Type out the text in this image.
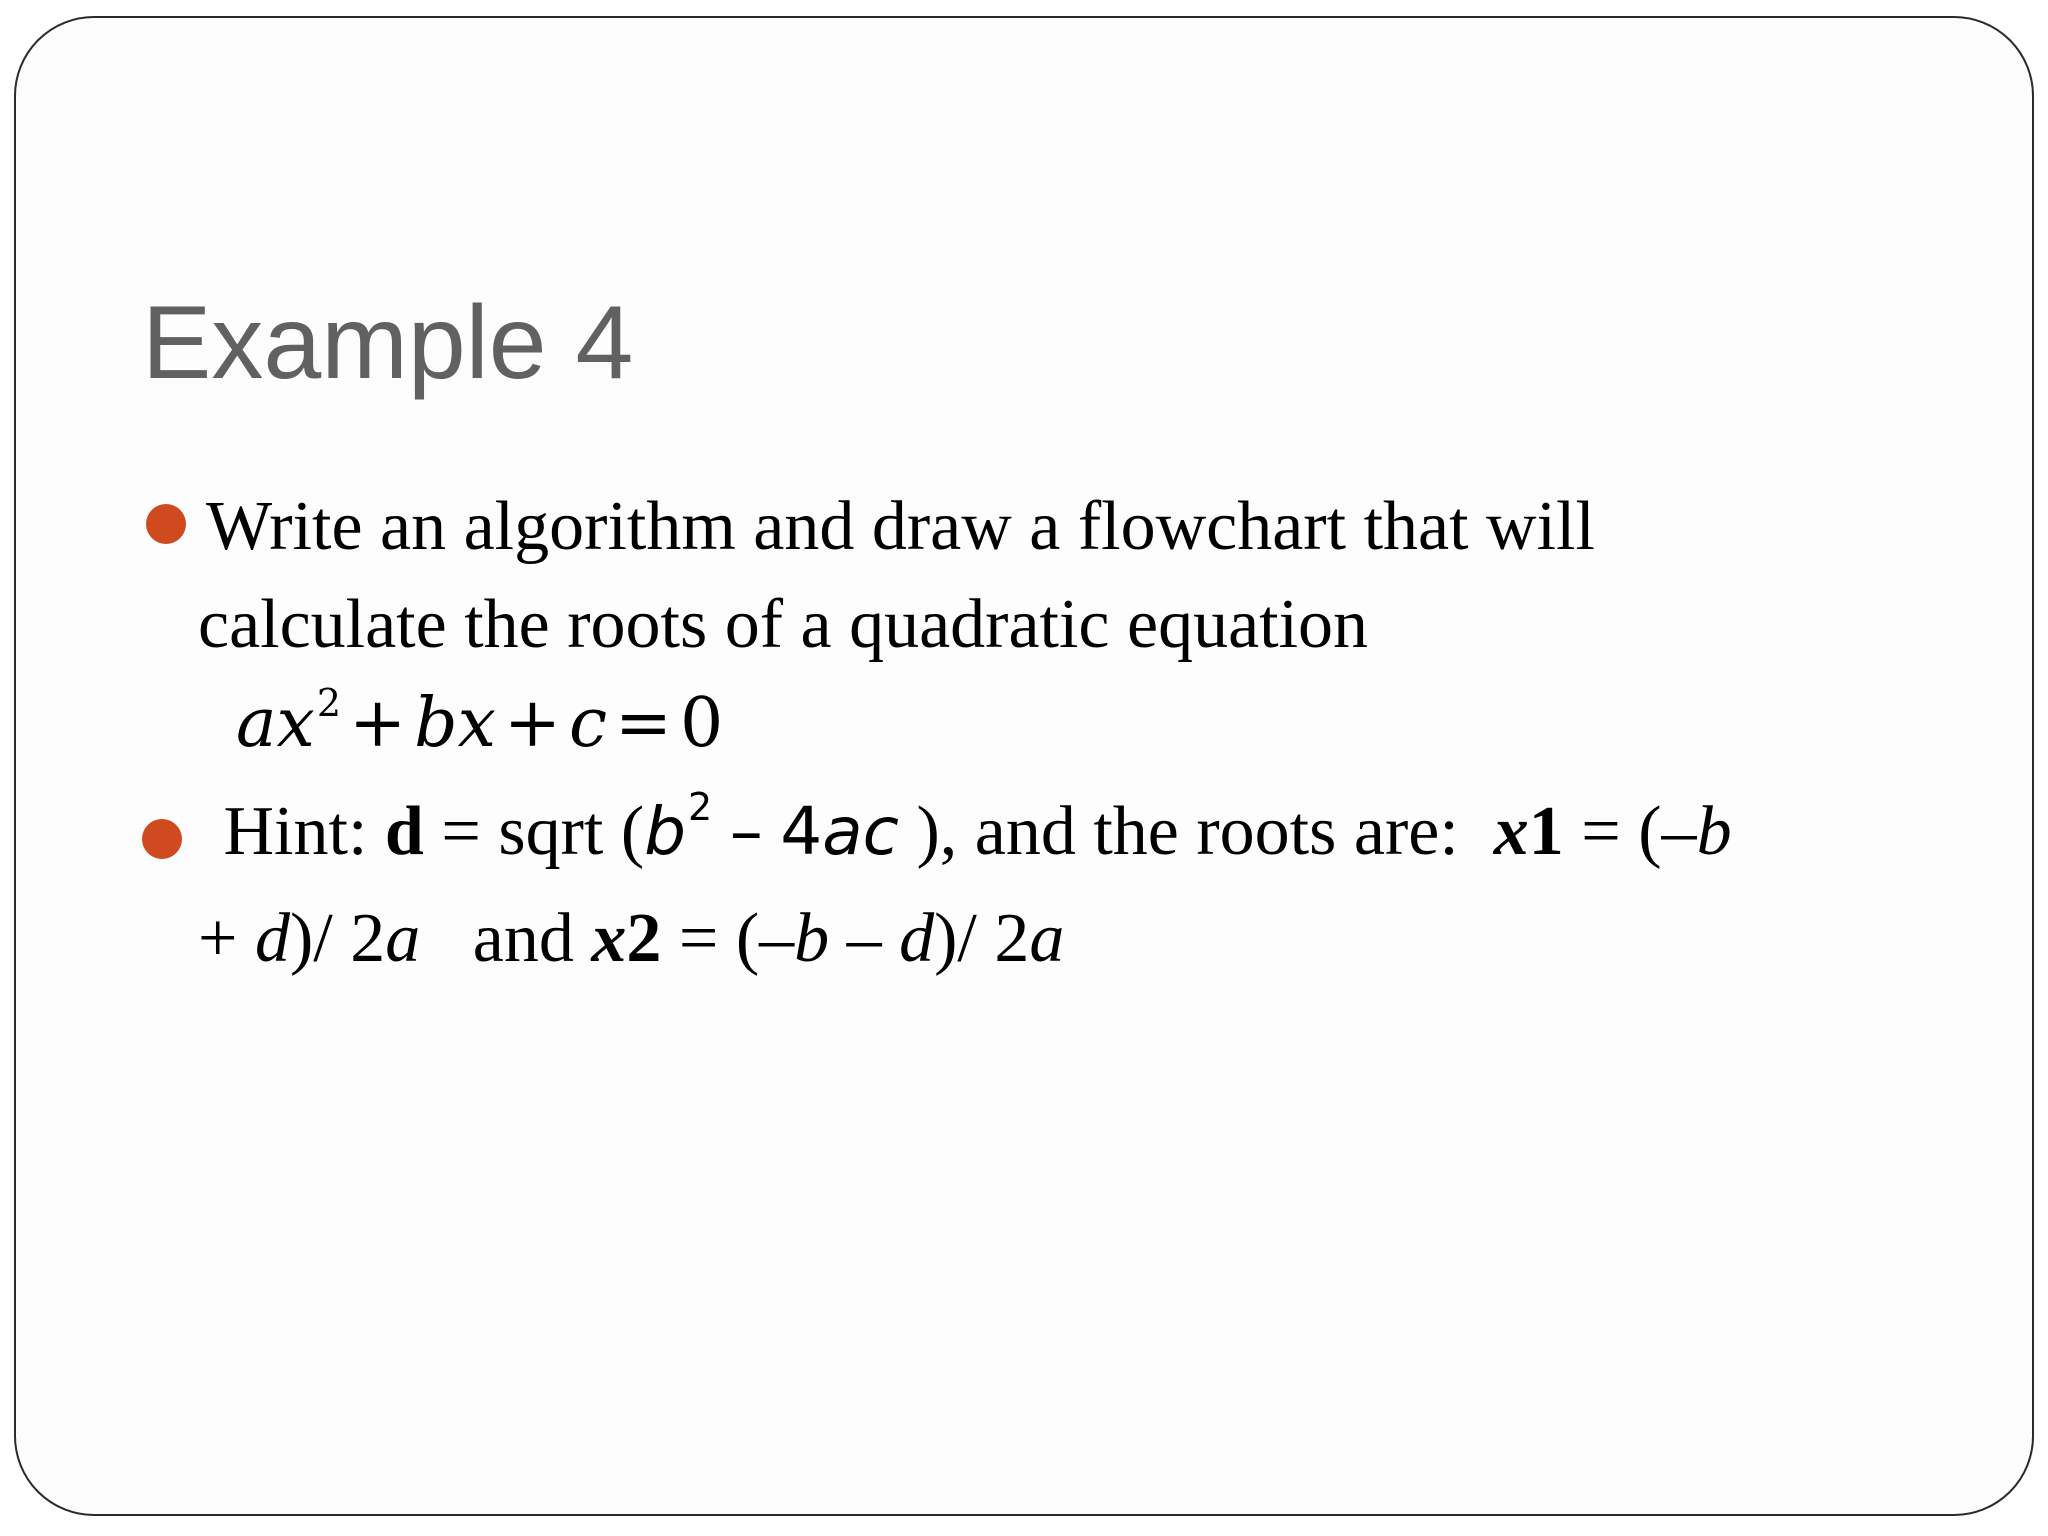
Example 4
Write an algorithm and draw a flowchart that will
calculate the roots of a quadratic equation
$ax^2$ + bx + c = 0
Hint: d = sqrt ($b^2 - 4ac$ ), and the roots are: x1 = (–b
+ d)/ 2a and x2 = (–b – d)/ 2a
